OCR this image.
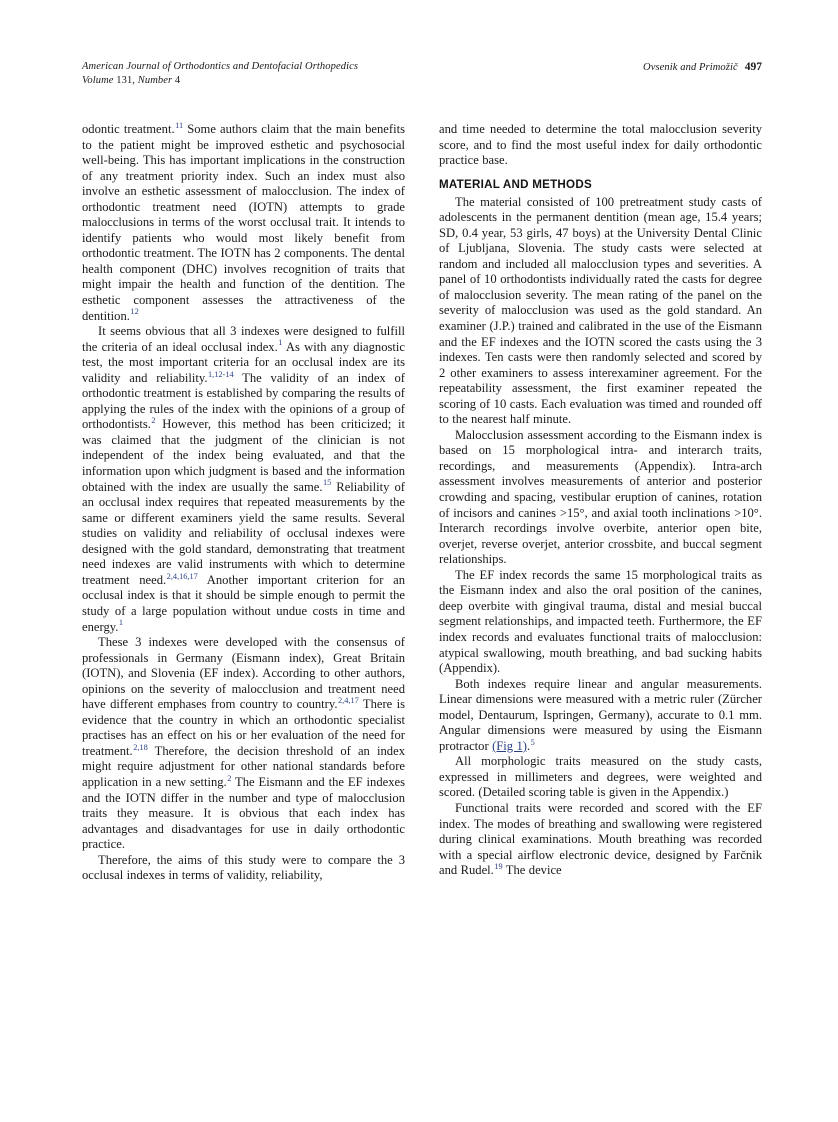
American Journal of Orthodontics and Dentofacial Orthopedics
Volume 131, Number 4
Ovsenik and Primožič 497

odontic treatment.$^{11}$ Some authors claim that the main benefits to the patient might be improved esthetic and psychosocial well-being. This has important implications in the construction of any treatment priority index. Such an index must also involve an esthetic assessment of malocclusion. The index of orthodontic treatment need (IOTN) attempts to grade malocclusions in terms of the worst occlusal trait. It intends to identify patients who would most likely benefit from orthodontic treatment. The IOTN has 2 components. The dental health component (DHC) involves recognition of traits that might impair the health and function of the dentition. The esthetic component assesses the attractiveness of the dentition.$^{12}$

It seems obvious that all 3 indexes were designed to fulfill the criteria of an ideal occlusal index.$^1$ As with any diagnostic test, the most important criteria for an occlusal index are its validity and reliability.$^{1,12-14}$ The validity of an index of orthodontic treatment is established by comparing the results of applying the rules of the index with the opinions of a group of orthodontists.$^2$ However, this method has been criticized; it was claimed that the judgment of the clinician is not independent of the index being evaluated, and that the information upon which judgment is based and the information obtained with the index are usually the same.$^{15}$ Reliability of an occlusal index requires that repeated measurements by the same or different examiners yield the same results. Several studies on validity and reliability of occlusal indexes were designed with the gold standard, demonstrating that treatment need indexes are valid instruments with which to determine treatment need.$^{2,4,16,17}$ Another important criterion for an occlusal index is that it should be simple enough to permit the study of a large population without undue costs in time and energy.$^1$

These 3 indexes were developed with the consensus of professionals in Germany (Eismann index), Great Britain (IOTN), and Slovenia (EF index). According to other authors, opinions on the severity of malocclusion and treatment need have different emphases from country to country.$^{2,4,17}$ There is evidence that the country in which an orthodontic specialist practises has an effect on his or her evaluation of the need for treatment.$^{2,18}$ Therefore, the decision threshold of an index might require adjustment for other national standards before application in a new setting.$^2$ The Eismann and the EF indexes and the IOTN differ in the number and type of malocclusion traits they measure. It is obvious that each index has advantages and disadvantages for use in daily orthodontic practice.

Therefore, the aims of this study were to compare the 3 occlusal indexes in terms of validity, reliability,

and time needed to determine the total malocclusion severity score, and to find the most useful index for daily orthodontic practice base.

MATERIAL AND METHODS

The material consisted of 100 pretreatment study casts of adolescents in the permanent dentition (mean age, 15.4 years; SD, 0.4 year, 53 girls, 47 boys) at the University Dental Clinic of Ljubljana, Slovenia. The study casts were selected at random and included all malocclusion types and severities. A panel of 10 orthodontists individually rated the casts for degree of malocclusion severity. The mean rating of the panel on the severity of malocclusion was used as the gold standard. An examiner (J.P.) trained and calibrated in the use of the Eismann and the EF indexes and the IOTN scored the casts using the 3 indexes. Ten casts were then randomly selected and scored by 2 other examiners to assess interexaminer agreement. For the repeatability assessment, the first examiner repeated the scoring of 10 casts. Each evaluation was timed and rounded off to the nearest half minute.

Malocclusion assessment according to the Eismann index is based on 15 morphological intra- and interarch traits, recordings, and measurements (Appendix). Intra-arch assessment involves measurements of anterior and posterior crowding and spacing, vestibular eruption of canines, rotation of incisors and canines >15°, and axial tooth inclinations >10°. Interarch recordings involve overbite, anterior open bite, overjet, reverse overjet, anterior crossbite, and buccal segment relationships.

The EF index records the same 15 morphological traits as the Eismann index and also the oral position of the canines, deep overbite with gingival trauma, distal and mesial buccal segment relationships, and impacted teeth. Furthermore, the EF index records and evaluates functional traits of malocclusion: atypical swallowing, mouth breathing, and bad sucking habits (Appendix).

Both indexes require linear and angular measurements. Linear dimensions were measured with a metric ruler (Zürcher model, Dentaurum, Ispringen, Germany), accurate to 0.1 mm. Angular dimensions were measured by using the Eismann protractor (Fig 1).$^5$

All morphologic traits measured on the study casts, expressed in millimeters and degrees, were weighted and scored. (Detailed scoring table is given in the Appendix.)

Functional traits were recorded and scored with the EF index. The modes of breathing and swallowing were registered during clinical examinations. Mouth breathing was recorded with a special airflow electronic device, designed by Farčnik and Rudel.$^{19}$ The device
